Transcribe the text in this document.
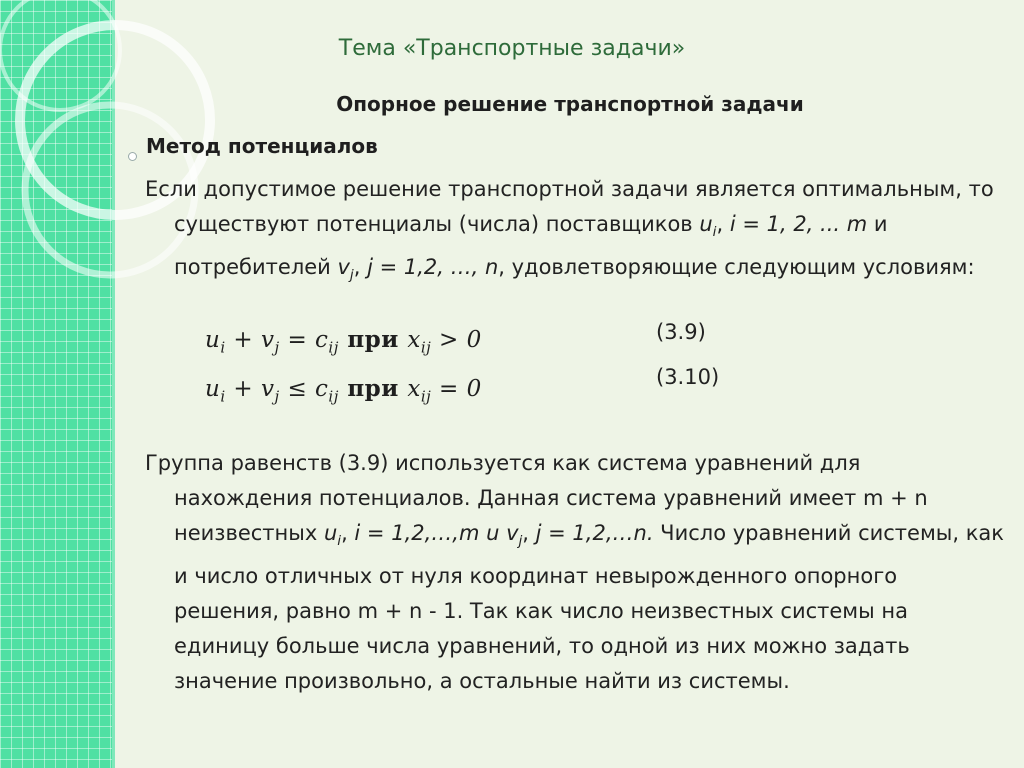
Тема «Транспортные задачи»
Опорное решение транспортной задачи
Метод потенциалов
Если допустимое решение транспортной задачи является оптимальным, то существуют потенциалы (числа) поставщиков $u_i$, i = 1, 2, ... m и потребителей $v_j$, j = 1,2, …, n, удовлетворяющие следующим условиям:
$u_i + v_j = c_{ij}$ при $x_{ij} > 0$
$u_i + v_j \le c_{ij}$ при $x_{ij} = 0$
(3.9)
(3.10)
Группа равенств (3.9) используется как система уравнений для нахождения потенциалов. Данная система уравнений имеет m + n неизвестных $u_i$, i = 1,2,…,m u $v_j$, j = 1,2,…n. Число уравнений системы, как и число отличных от нуля координат невырожденного опорного решения, равно m + n - 1. Так как число неизвестных системы на единицу больше числа уравнений, то одной из них можно задать значение произвольно, а остальные найти из системы.
